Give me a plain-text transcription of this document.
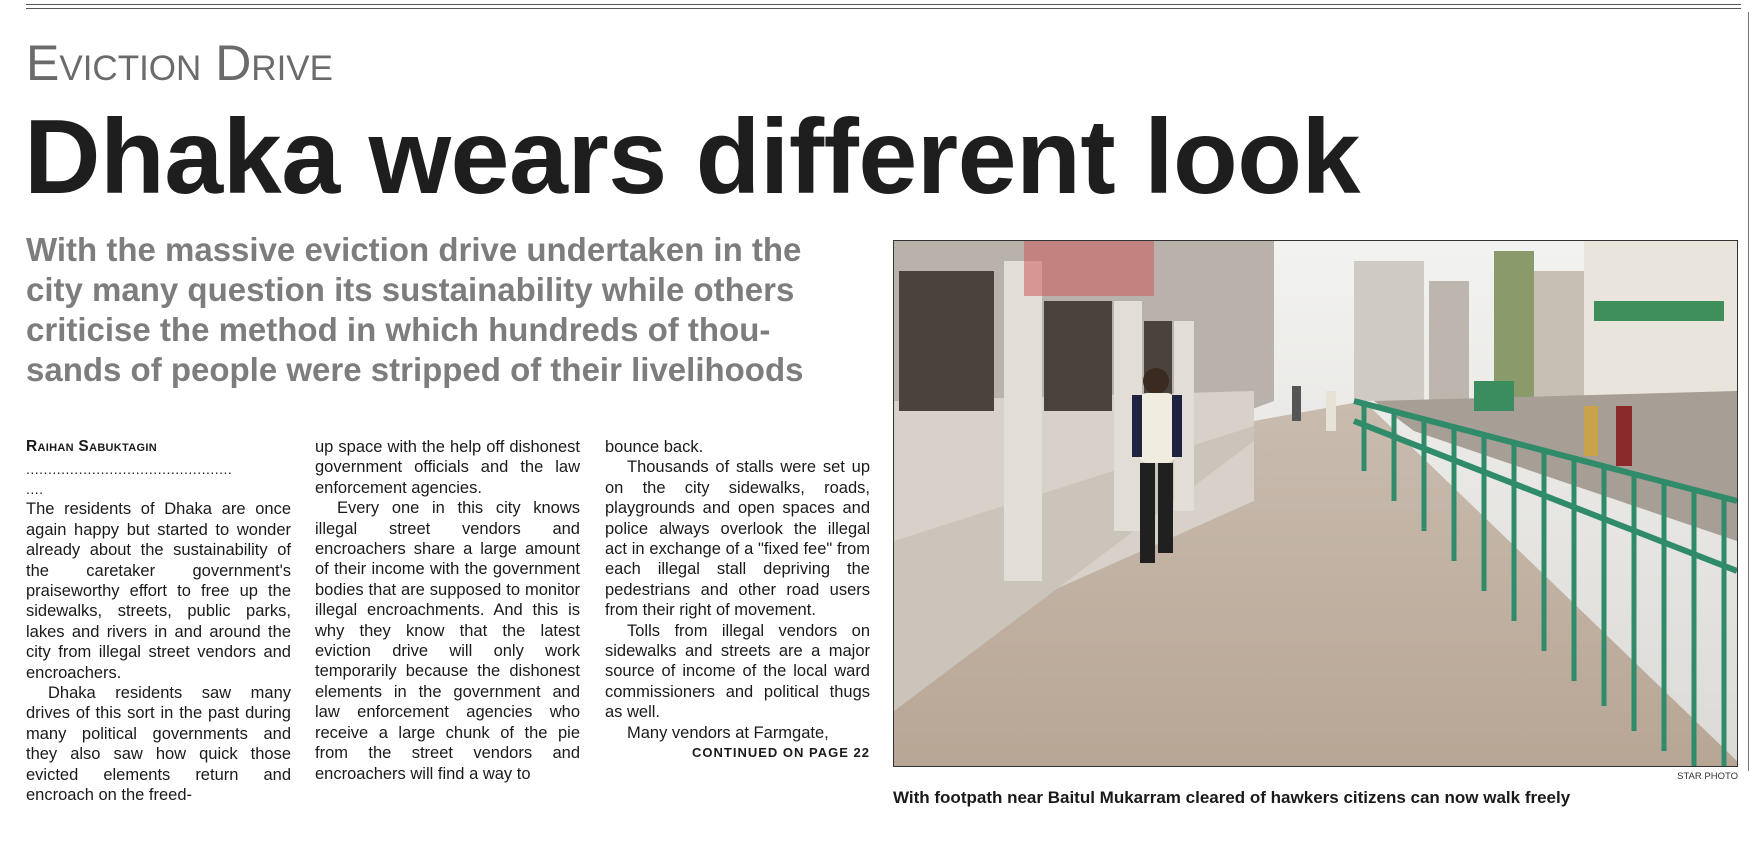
Eviction Drive
Dhaka wears different look
With the massive eviction drive undertaken in the
city many question its sustainability while others
criticise the method in which hundreds of thou-
sands of people were stripped of their livelihoods
Raihan Sabuktagin
...............................................
....

The residents of Dhaka are once again happy but started to wonder already about the sustainability of the caretaker government's praiseworthy effort to free up the sidewalks, streets, public parks, lakes and rivers in and around the city from illegal street vendors and encroachers.

Dhaka residents saw many drives of this sort in the past during many political governments and they also saw how quick those evicted elements return and encroach on the freed-

up space with the help off dishonest government officials and the law enforcement agencies.

Every one in this city knows illegal street vendors and encroachers share a large amount of their income with the government bodies that are supposed to monitor illegal encroachments. And this is why they know that the latest eviction drive will only work temporarily because the dishonest elements in the government and law enforcement agencies who receive a large chunk of the pie from the street vendors and encroachers will find a way to

bounce back.

Thousands of stalls were set up on the city sidewalks, roads, playgrounds and open spaces and police always overlook the illegal act in exchange of a "fixed fee" from each illegal stall depriving the pedestrians and other road users from their right of movement.

Tolls from illegal vendors on sidewalks and streets are a major source of income of the local ward commissioners and political thugs as well.

Many vendors at Farmgate,

CONTINUED ON PAGE 22
STAR PHOTO
With footpath near Baitul Mukarram cleared of hawkers citizens can now walk freely
